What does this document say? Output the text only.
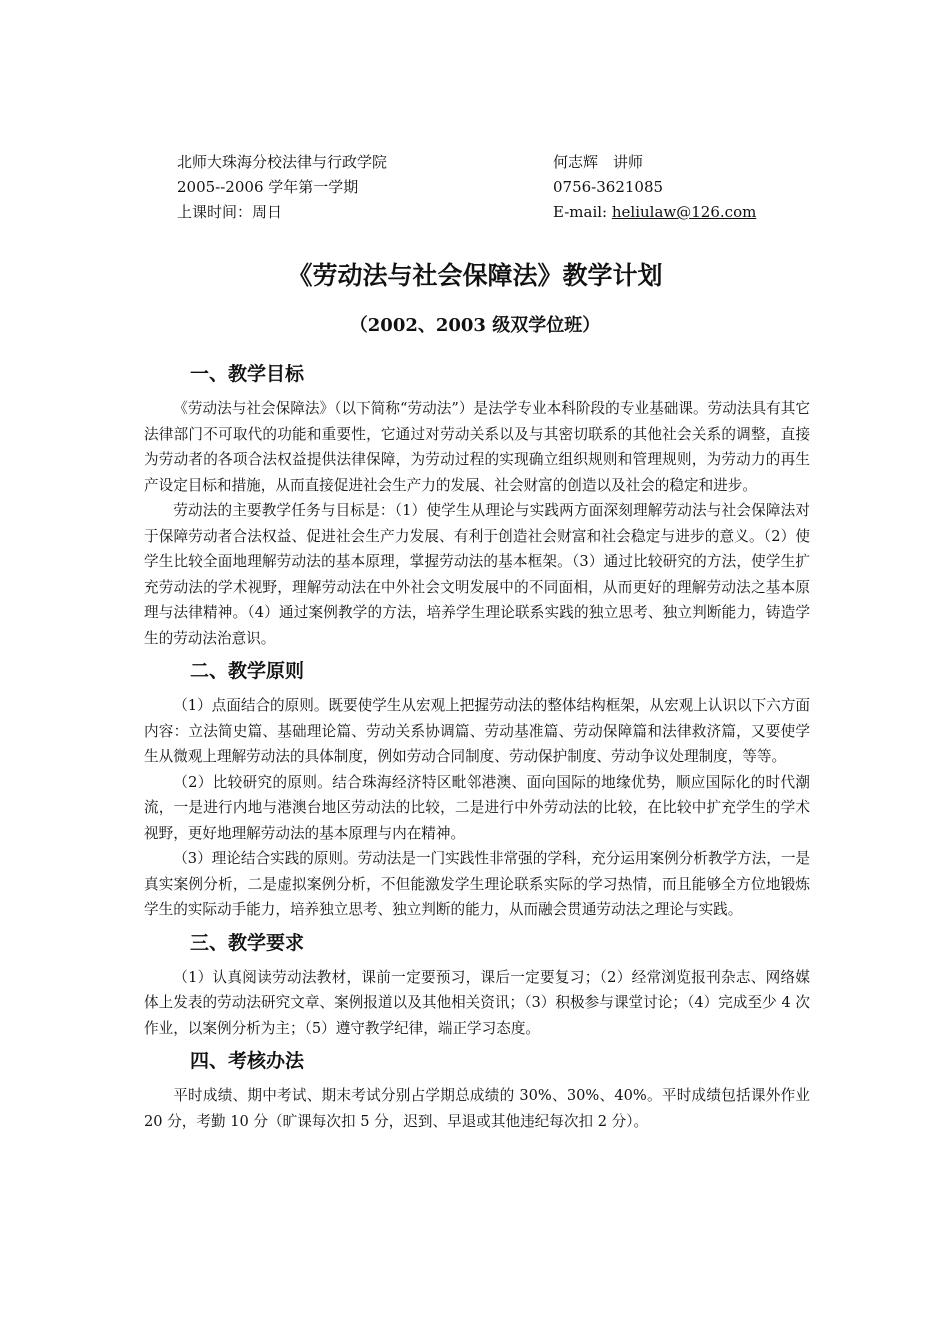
北师大珠海分校法律与行政学院	何志辉　讲师
2005--2006 学年第一学期	0756-3621085
上课时间：周日	E-mail: heliulaw@126.com
《劳动法与社会保障法》教学计划
（2002、2003 级双学位班）
一、教学目标

《劳动法与社会保障法》（以下简称“劳动法”）是法学专业本科阶段的专业基础课。劳动法具有其它法律部门不可取代的功能和重要性，它通过对劳动关系以及与其密切联系的其他社会关系的调整，直接为劳动者的各项合法权益提供法律保障，为劳动过程的实现确立组织规则和管理规则，为劳动力的再生产设定目标和措施，从而直接促进社会生产力的发展、社会财富的创造以及社会的稳定和进步。

劳动法的主要教学任务与目标是：（1）使学生从理论与实践两方面深刻理解劳动法与社会保障法对于保障劳动者合法权益、促进社会生产力发展、有利于创造社会财富和社会稳定与进步的意义。（2）使学生比较全面地理解劳动法的基本原理，掌握劳动法的基本框架。（3）通过比较研究的方法，使学生扩充劳动法的学术视野，理解劳动法在中外社会文明发展中的不同面相，从而更好的理解劳动法之基本原理与法律精神。（4）通过案例教学的方法，培养学生理论联系实践的独立思考、独立判断能力，铸造学生的劳动法治意识。

二、教学原则

（1）点面结合的原则。既要使学生从宏观上把握劳动法的整体结构框架，从宏观上认识以下六方面内容：立法简史篇、基础理论篇、劳动关系协调篇、劳动基准篇、劳动保障篇和法律救济篇，又要使学生从微观上理解劳动法的具体制度，例如劳动合同制度、劳动保护制度、劳动争议处理制度，等等。

（2）比较研究的原则。结合珠海经济特区毗邻港澳、面向国际的地缘优势，顺应国际化的时代潮流，一是进行内地与港澳台地区劳动法的比较，二是进行中外劳动法的比较，在比较中扩充学生的学术视野，更好地理解劳动法的基本原理与内在精神。

（3）理论结合实践的原则。劳动法是一门实践性非常强的学科，充分运用案例分析教学方法，一是真实案例分析，二是虚拟案例分析，不但能激发学生理论联系实际的学习热情，而且能够全方位地锻炼学生的实际动手能力，培养独立思考、独立判断的能力，从而融会贯通劳动法之理论与实践。

三、教学要求

（1）认真阅读劳动法教材，课前一定要预习，课后一定要复习；（2）经常浏览报刊杂志、网络媒体上发表的劳动法研究文章、案例报道以及其他相关资讯；（3）积极参与课堂讨论；（4）完成至少 4 次作业，以案例分析为主；（5）遵守教学纪律，端正学习态度。

四、考核办法

平时成绩、期中考试、期末考试分别占学期总成绩的 30%、30%、40%。平时成绩包括课外作业 20 分，考勤 10 分（旷课每次扣 5 分，迟到、早退或其他违纪每次扣 2 分）。
